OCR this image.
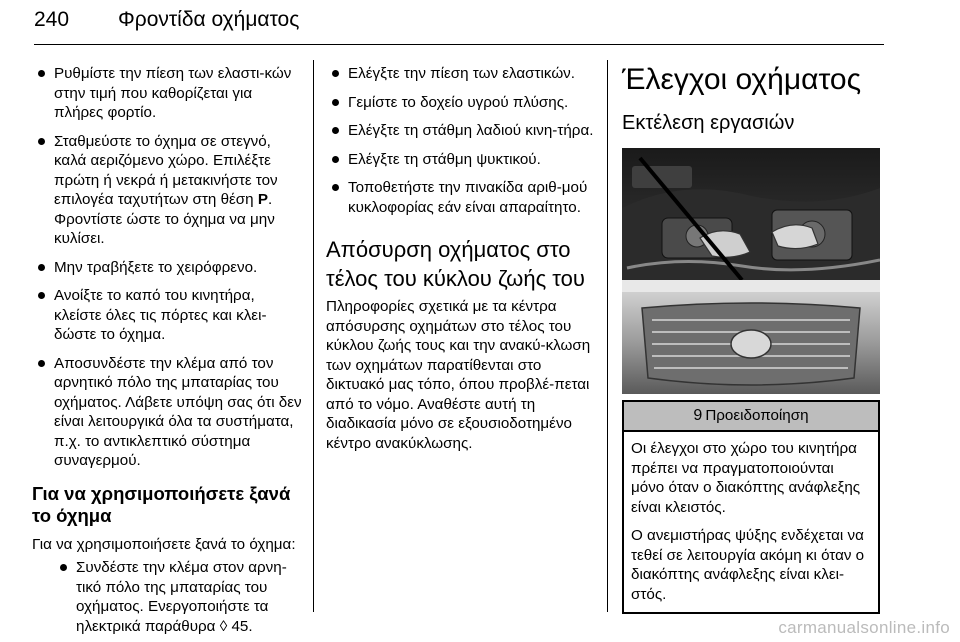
240 Φροντίδα οχήματος
Ρυθμίστε την πίεση των ελαστι-κών στην τιμή που καθορίζεται για πλήρες φορτίο.
Σταθμεύστε το όχημα σε στεγνό, καλά αεριζόμενο χώρο. Επιλέξτε πρώτη ή νεκρά ή μετακινήστε τον επιλογέα ταχυτήτων στη θέση P. Φροντίστε ώστε το όχημα να μην κυλίσει.
Μην τραβήξετε το χειρόφρενο.
Ανοίξτε το καπό του κινητήρα, κλείστε όλες τις πόρτες και κλει-δώστε το όχημα.
Αποσυνδέστε την κλέμα από τον αρνητικό πόλο της μπαταρίας του οχήματος. Λάβετε υπόψη σας ότι δεν είναι λειτουργικά όλα τα συστήματα, π.χ. το αντικλεπτικό σύστημα συναγερμού.
Για να χρησιμοποιήσετε ξανά το όχημα

Για να χρησιμοποιήσετε ξανά το όχημα:

Συνδέστε την κλέμα στον αρνη-τικό πόλο της μπαταρίας του οχήματος. Ενεργοποιήστε τα ηλεκτρικά παράθυρα ◊ 45.
Ελέγξτε την πίεση των ελαστικών.
Γεμίστε το δοχείο υγρού πλύσης.
Ελέγξτε τη στάθμη λαδιού κινη-τήρα.
Ελέγξτε τη στάθμη ψυκτικού.
Τοποθετήστε την πινακίδα αριθ-μού κυκλοφορίας εάν είναι απαραίτητο.
Απόσυρση οχήματος στο τέλος του κύκλου ζωής του

Πληροφορίες σχετικά με τα κέντρα απόσυρσης οχημάτων στο τέλος του κύκλου ζωής τους και την ανακύ-κλωση των οχημάτων παρατίθενται στο δικτυακό μας τόπο, όπου προβλέ-πεται από το νόμο. Αναθέστε αυτή τη διαδικασία μόνο σε εξουσιοδοτημένο κέντρο ανακύκλωσης.

Έλεγχοι οχήματος
Εκτέλεση εργασιών
9 Προειδοποίηση

Οι έλεγχοι στο χώρο του κινητήρα πρέπει να πραγματοποιούνται μόνο όταν ο διακόπτης ανάφλεξης είναι κλειστός.

Ο ανεμιστήρας ψύξης ενδέχεται να τεθεί σε λειτουργία ακόμη κι όταν ο διακόπτης ανάφλεξης είναι κλει-στός.

carmanualsonline.info
